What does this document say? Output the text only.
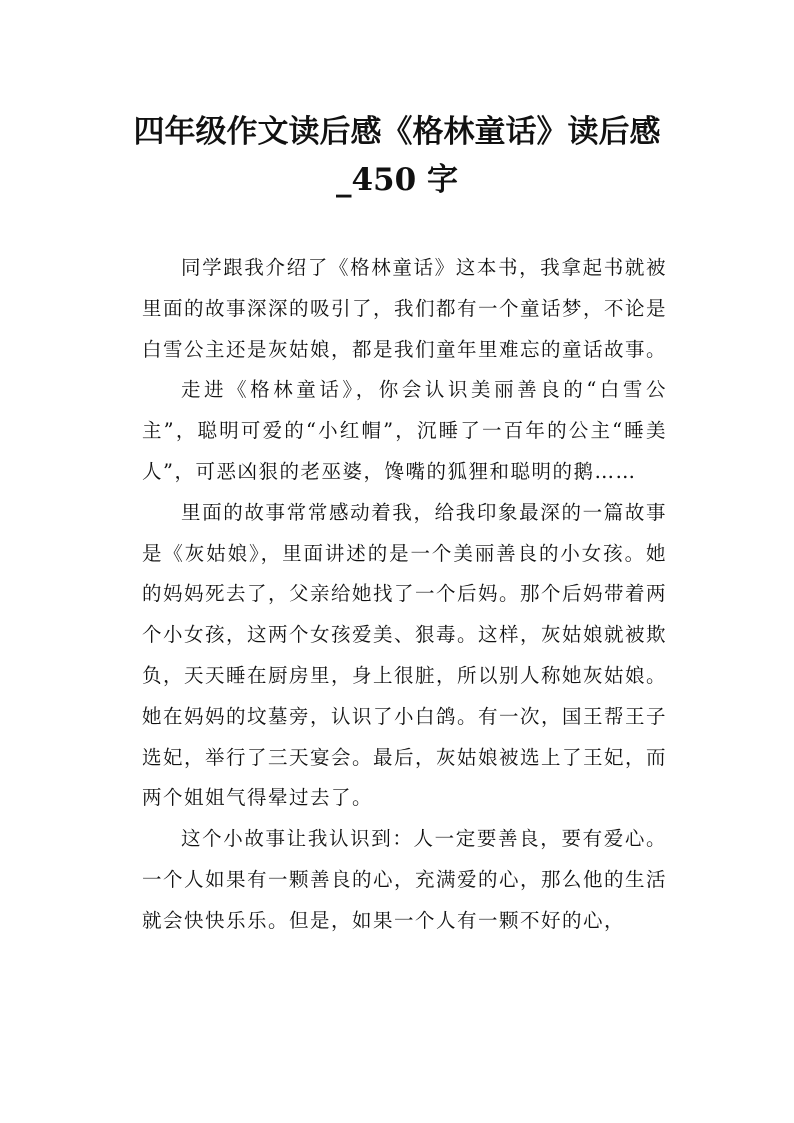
四年级作文读后感《格林童话》读后感
_450 字

同学跟我介绍了《格林童话》这本书，我拿起书就被里面的故事深深的吸引了，我们都有一个童话梦，不论是白雪公主还是灰姑娘，都是我们童年里难忘的童话故事。

走进《格林童话》，你会认识美丽善良的“白雪公主”，聪明可爱的“小红帽”，沉睡了一百年的公主“睡美人”，可恶凶狠的老巫婆，馋嘴的狐狸和聪明的鹅……

里面的故事常常感动着我，给我印象最深的一篇故事是《灰姑娘》，里面讲述的是一个美丽善良的小女孩。她的妈妈死去了，父亲给她找了一个后妈。那个后妈带着两个小女孩，这两个女孩爱美、狠毒。这样，灰姑娘就被欺负，天天睡在厨房里，身上很脏，所以别人称她灰姑娘。她在妈妈的坟墓旁，认识了小白鸽。有一次，国王帮王子选妃，举行了三天宴会。最后，灰姑娘被选上了王妃，而两个姐姐气得晕过去了。

这个小故事让我认识到：人一定要善良，要有爱心。一个人如果有一颗善良的心，充满爱的心，那么他的生活就会快快乐乐。但是，如果一个人有一颗不好的心，
